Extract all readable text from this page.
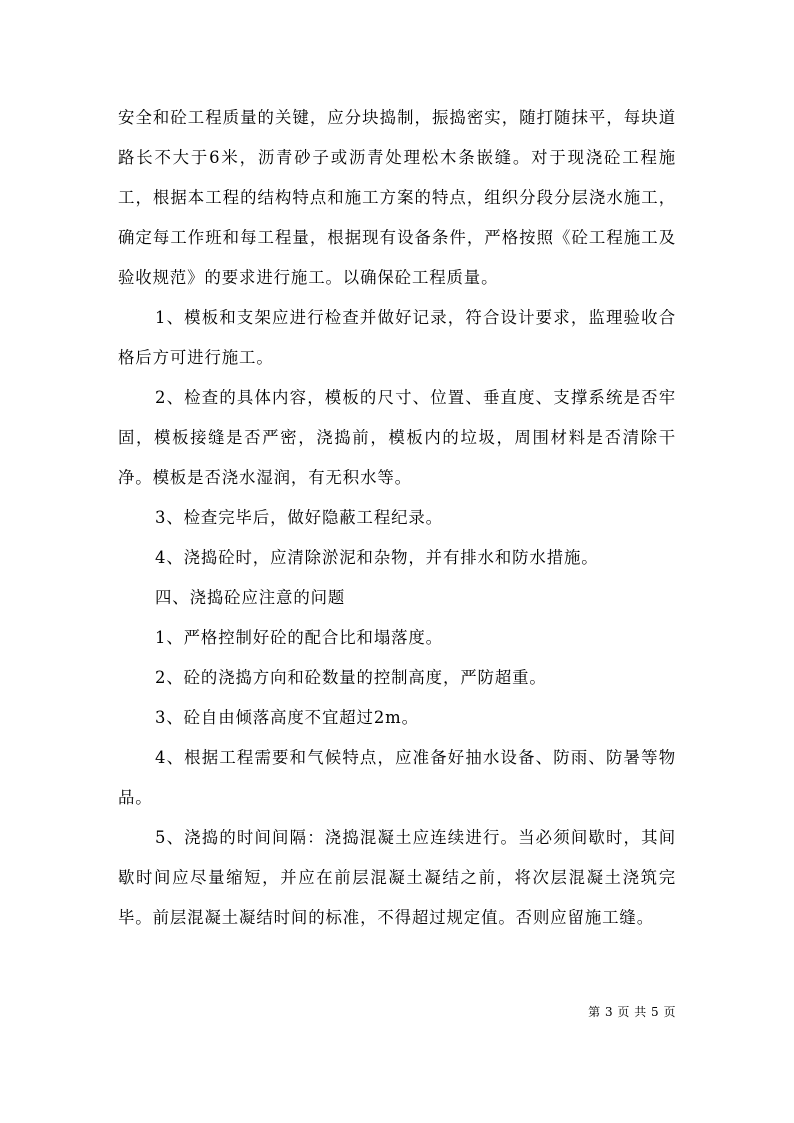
安全和砼工程质量的关键，应分块捣制，振捣密实，随打随抹平，每块道路长不大于6米，沥青砂子或沥青处理松木条嵌缝。对于现浇砼工程施工，根据本工程的结构特点和施工方案的特点，组织分段分层浇水施工，确定每工作班和每工程量，根据现有设备条件，严格按照《砼工程施工及验收规范》的要求进行施工。以确保砼工程质量。

1、模板和支架应进行检查并做好记录，符合设计要求，监理验收合格后方可进行施工。

2、检查的具体内容，模板的尺寸、位置、垂直度、支撑系统是否牢固，模板接缝是否严密，浇捣前，模板内的垃圾，周围材料是否清除干净。模板是否浇水湿润，有无积水等。

3、检查完毕后，做好隐蔽工程纪录。

4、浇捣砼时，应清除淤泥和杂物，并有排水和防水措施。

四、浇捣砼应注意的问题

1、严格控制好砼的配合比和塌落度。

2、砼的浇捣方向和砼数量的控制高度，严防超重。

3、砼自由倾落高度不宜超过2m。

4、根据工程需要和气候特点，应准备好抽水设备、防雨、防暑等物品。

5、浇捣的时间间隔：浇捣混凝土应连续进行。当必须间歇时，其间歇时间应尽量缩短，并应在前层混凝土凝结之前，将次层混凝土浇筑完毕。前层混凝土凝结时间的标准，不得超过规定值。否则应留施工缝。

第 3 页 共 5 页
